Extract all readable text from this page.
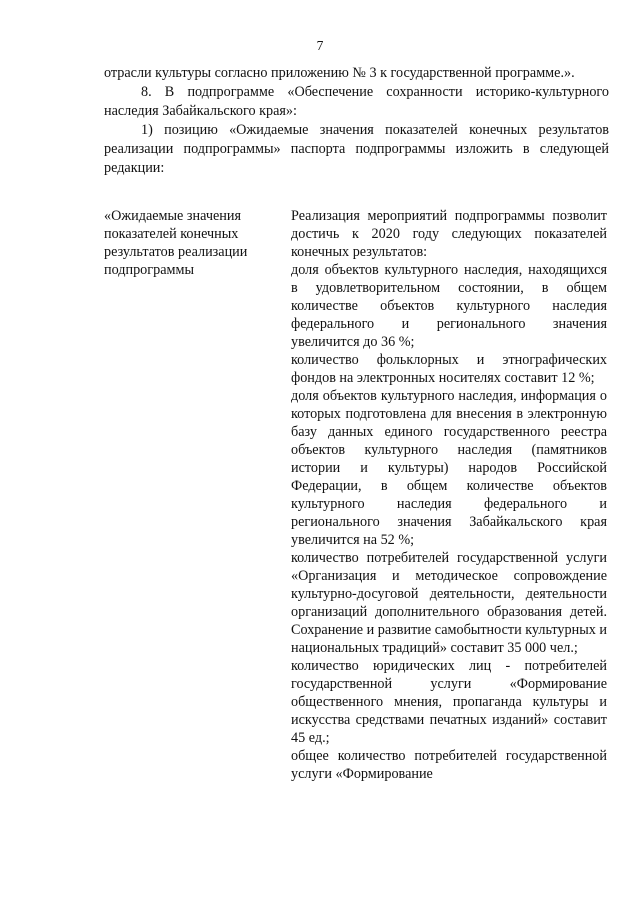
7

отрасли культуры согласно приложению № 3 к государственной программе.».

8. В подпрограмме «Обеспечение сохранности историко-культурного наследия Забайкальского края»:

1) позицию «Ожидаемые значения показателей конечных результатов реализации подпрограммы» паспорта подпрограммы изложить в следующей редакции:

«Ожидаемые значения показателей конечных результатов реализации подпрограммы

Реализация мероприятий подпрограммы позволит достичь к 2020 году следующих показателей конечных результатов:

доля объектов культурного наследия, находящихся в удовлетворительном состоянии, в общем количестве объектов культурного наследия федерального и регионального значения увеличится до 36 %;

количество фольклорных и этнографических фондов на электронных носителях составит 12 %;

доля объектов культурного наследия, информация о которых подготовлена для внесения в электронную базу данных единого государственного реестра объектов культурного наследия (памятников истории и культуры) народов Российской Федерации, в общем количестве объектов культурного наследия федерального и регионального значения Забайкальского края увеличится на 52 %;

количество потребителей государственной услуги «Организация и методическое сопровождение культурно-досуговой деятельности, деятельности организаций дополнительного образования детей. Сохранение и развитие самобытности культурных и национальных традиций» составит 35 000 чел.;

количество юридических лиц - потребителей государственной услуги «Формирование общественного мнения, пропаганда культуры и искусства средствами печатных изданий» составит 45 ед.;

общее количество потребителей государственной услуги «Формирование
